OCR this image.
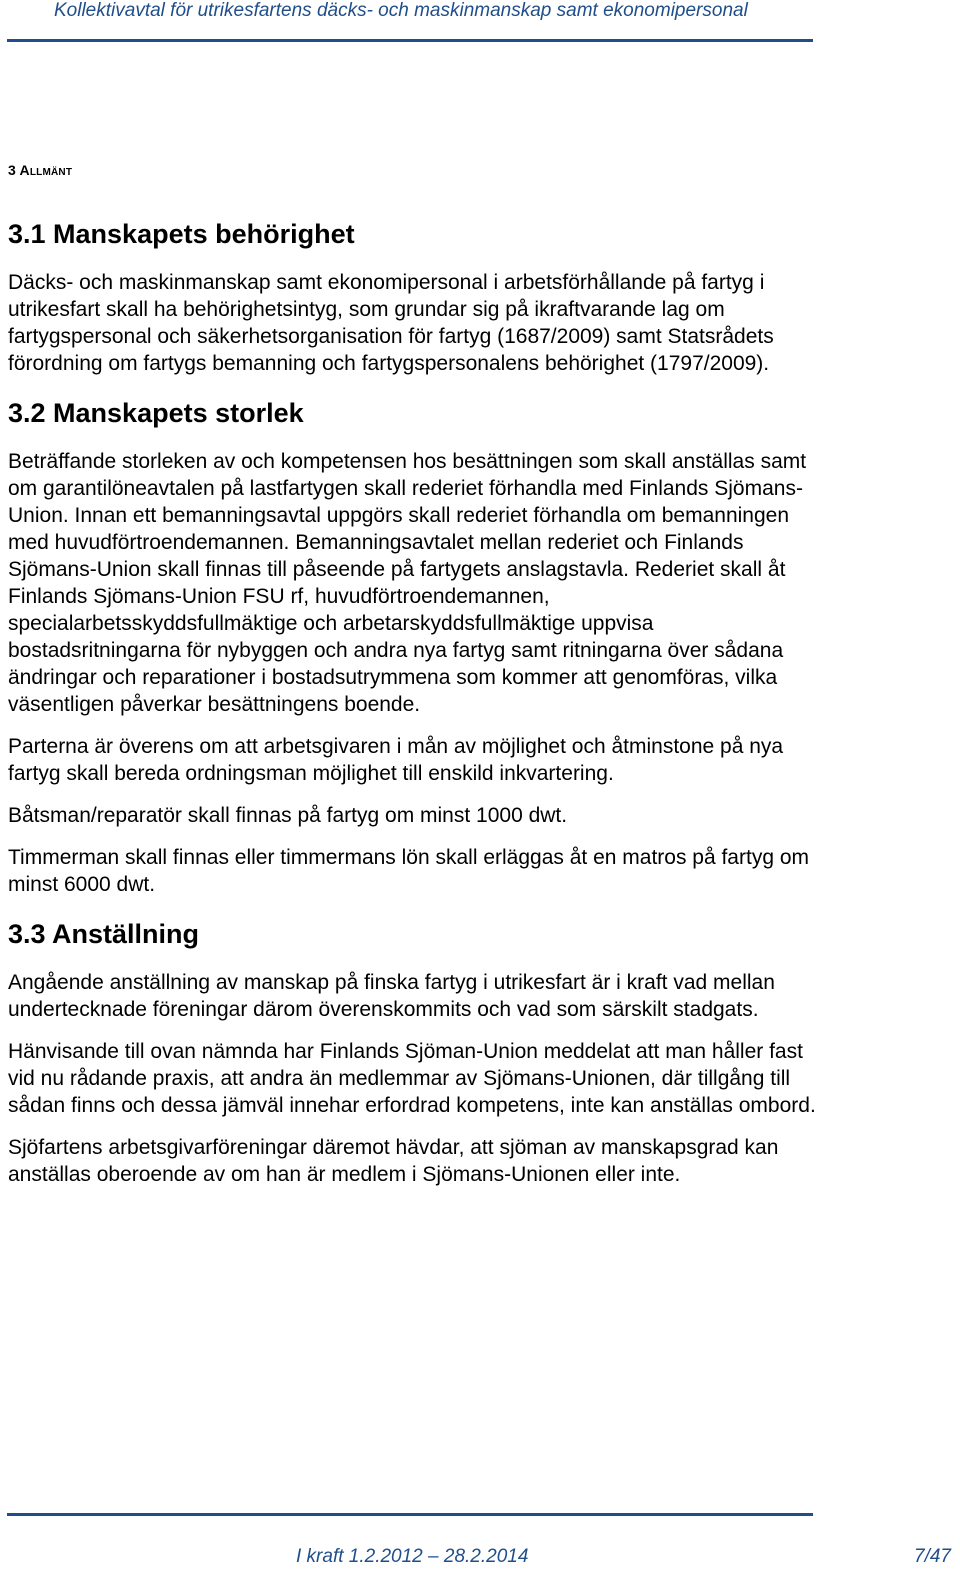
Kollektivavtal för utrikesfartens däcks- och maskinmanskap samt ekonomipersonal
3 Allmänt
3.1 Manskapets behörighet

Däcks- och maskinmanskap samt ekonomipersonal i arbetsförhållande på fartyg i utrikesfart skall ha behörighetsintyg, som grundar sig på ikraftvarande lag om fartygspersonal och säkerhetsorganisation för fartyg (1687/2009) samt Statsrådets förordning om fartygs bemanning och fartygspersonalens behörighet (1797/2009).

3.2 Manskapets storlek

Beträffande storleken av och kompetensen hos besättningen som skall anställas samt om garantilöneavtalen på lastfartygen skall rederiet förhandla med Finlands Sjömans-Union. Innan ett bemanningsavtal uppgörs skall rederiet förhandla om bemanningen med huvudförtroendemannen. Bemanningsavtalet mellan rederiet och Finlands Sjömans-Union skall finnas till påseende på fartygets anslagstavla. Rederiet skall åt Finlands Sjömans-Union FSU rf, huvudförtroendemannen, specialarbetsskyddsfullmäktige och arbetarskyddsfullmäktige uppvisa bostadsritningarna för nybyggen och andra nya fartyg samt ritningarna över sådana ändringar och reparationer i bostadsutrymmena som kommer att genomföras, vilka väsentligen påverkar besättningens boende.

Parterna är överens om att arbetsgivaren i mån av möjlighet och åtminstone på nya fartyg skall bereda ordningsman möjlighet till enskild inkvartering.

Båtsman/reparatör skall finnas på fartyg om minst 1000 dwt.

Timmerman skall finnas eller timmermans lön skall erläggas åt en matros på fartyg om minst 6000 dwt.

3.3 Anställning

Angående anställning av manskap på finska fartyg i utrikesfart är i kraft vad mellan undertecknade föreningar därom överenskommits och vad som särskilt stadgats.

Hänvisande till ovan nämnda har Finlands Sjöman-Union meddelat att man håller fast vid nu rådande praxis, att andra än medlemmar av Sjömans-Unionen, där tillgång till sådan finns och dessa jämväl innehar erfordrad kompetens, inte kan anställas ombord.

Sjöfartens arbetsgivarföreningar däremot hävdar, att sjöman av manskapsgrad kan anställas oberoende av om han är medlem i Sjömans-Unionen eller inte.

I kraft 1.2.2012 – 28.2.2014	7/47
